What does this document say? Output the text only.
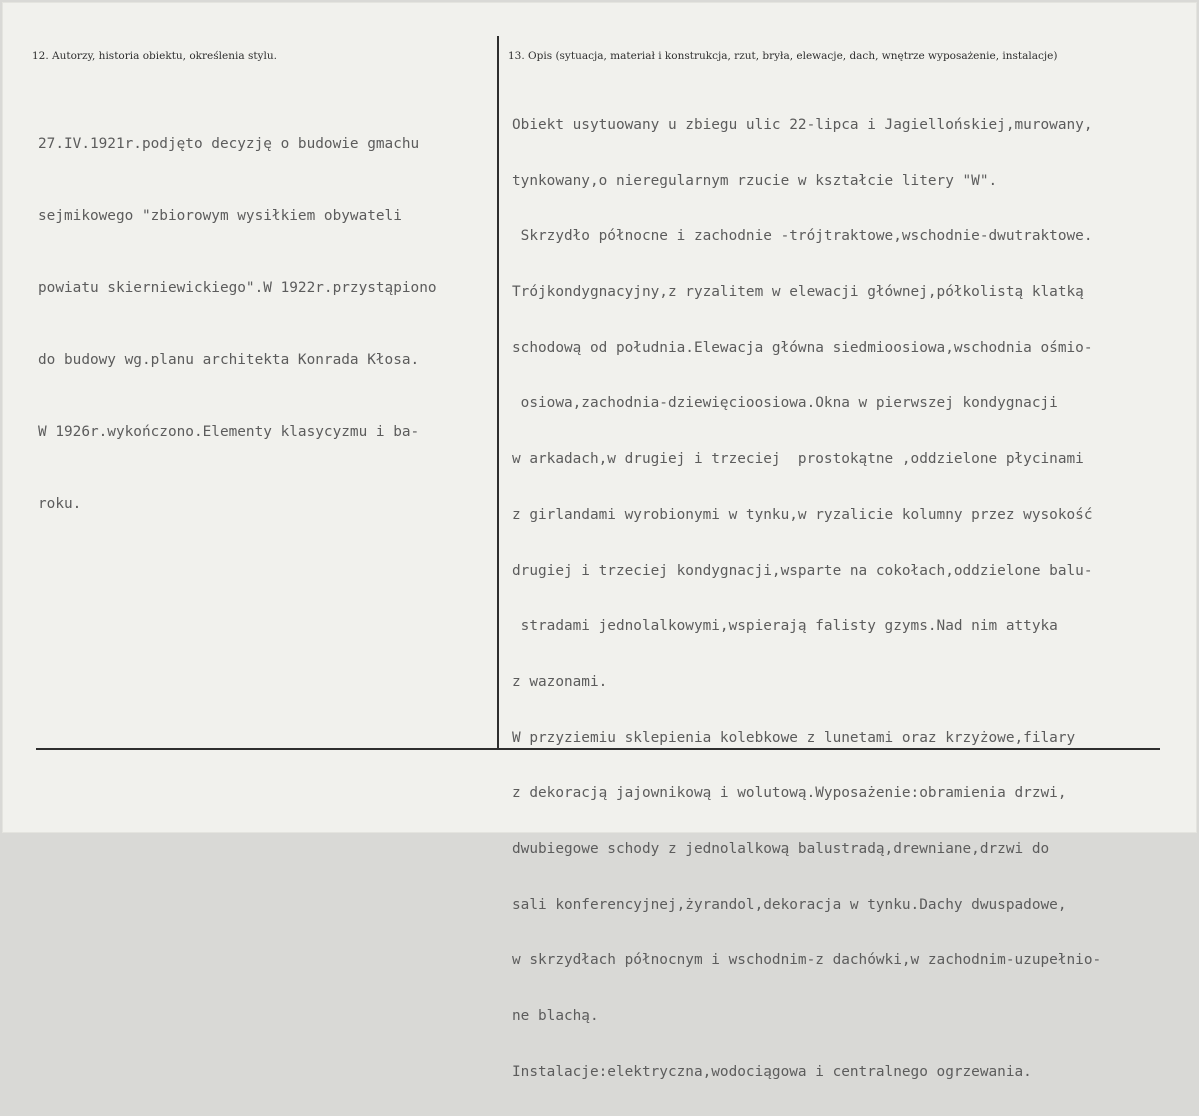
12. Autorzy, historia obiektu, określenia stylu.	13. Opis (sytuacja, materiał i konstrukcja, rzut, bryła, elewacje, dach, wnętrze wyposażenie, instalacje)

27.IV.1921r.podjęto decyzję o budowie gmachu

sejmikowego "zbiorowym wysiłkiem obywateli

powiatu skierniewickiego".W 1922r.przystąpiono

do budowy wg.planu architekta Konrada Kłosa.

W 1926r.wykończono.Elementy klasycyzmu i ba-

roku.

Obiekt usytuowany u zbiegu ulic 22-lipca i Jagiellońskiej,murowany,

tynkowany,o nieregularnym rzucie w kształcie litery "W".

Skrzydło północne i zachodnie -trójtraktowe,wschodnie-dwutraktowe.

Trójkondygnacyjny,z ryzalitem w elewacji głównej,półkolistą klatką

schodową od południa.Elewacja główna siedmioosiowa,wschodnia ośmio-

osiowa,zachodnia-dziewięcioosiowa.Okna w pierwszej kondygnacji

w arkadach,w drugiej i trzeciej  prostokątne ,oddzielone płycinami

z girlandami wyrobionymi w tynku,w ryzalicie kolumny przez wysokość

drugiej i trzeciej kondygnacji,wsparte na cokołach,oddzielone balu-

stradami jednolalkowymi,wspierają falisty gzyms.Nad nim attyka

z wazonami.

W przyziemiu sklepienia kolebkowe z lunetami oraz krzyżowe,filary

z dekoracją jajownikową i wolutową.Wyposażenie:obramienia drzwi,

dwubiegowe schody z jednolalkową balustradą,drewniane,drzwi do

sali konferencyjnej,żyrandol,dekoracja w tynku.Dachy dwuspadowe,

w skrzydłach północnym i wschodnim-z dachówki,w zachodnim-uzupełnio-

ne blachą.

Instalacje:elektryczna,wodociągowa i centralnego ogrzewania.
